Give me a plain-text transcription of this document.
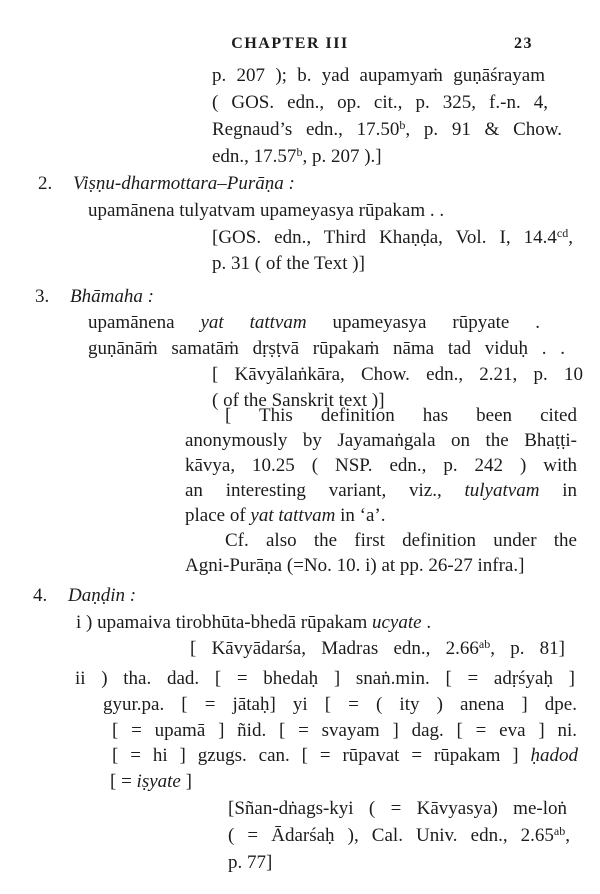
CHAPTER III	23
p. 207 ); b. yad aupamyaṁ guṇāśrayam
( GOS. edn., op. cit., p. 325, f.-n. 4,
Regnaud’s edn., 17.50$^b$, p. 91 & Chow.
edn., 17.57$^b$, p. 207 ).]
2. Viṣṇu-dharmottara–Purāṇa :
upamānena tulyatvam upameyasya rūpakam . .
[GOS. edn., Third Khaṇḍa, Vol. I, 14.4$^{cd}$,
p. 31 ( of the Text )]
3. Bhāmaha :
upamānena yat tattvam upameyasya rūpyate .
guṇānāṁ samatāṁ dṛṣṭvā rūpakaṁ nāma tad viduḥ . .
[ Kāvyālaṅkāra, Chow. edn., 2.21, p. 10
( of the Sanskrit text )]
[ This definition has been cited
anonymously by Jayamaṅgala on the Bhaṭṭi-
kāvya, 10.25 ( NSP. edn., p. 242 ) with
an interesting variant, viz., tulyatvam in
place of yat tattvam in ‘a’.
Cf. also the first definition under the
Agni-Purāṇa (=No. 10. i) at pp. 26-27 infra.]
4. Daṇḍin :
i ) upamaiva tirobhūta-bhedā rūpakam ucyate .
[ Kāvyādarśa, Madras edn., 2.66$^{ab}$, p. 81]
ii ) tha. dad. [ = bhedaḥ ] snaṅ.min. [ = adṛśyaḥ ]
gyur.pa. [ = jātaḥ] yi [ = ( ity ) anena ] dpe.
[ = upamā ] ñid. [ = svayam ] dag. [ = eva ] ni.
[ = hi ] gzugs. can. [ = rūpavat = rūpakam ] ḥadod
[ = iṣyate ]
[Sñan-dṅags-kyi ( = Kāvyasya) me-loṅ
( = Ādarśaḥ ), Cal. Univ. edn., 2.65$^{ab}$,
p. 77]
